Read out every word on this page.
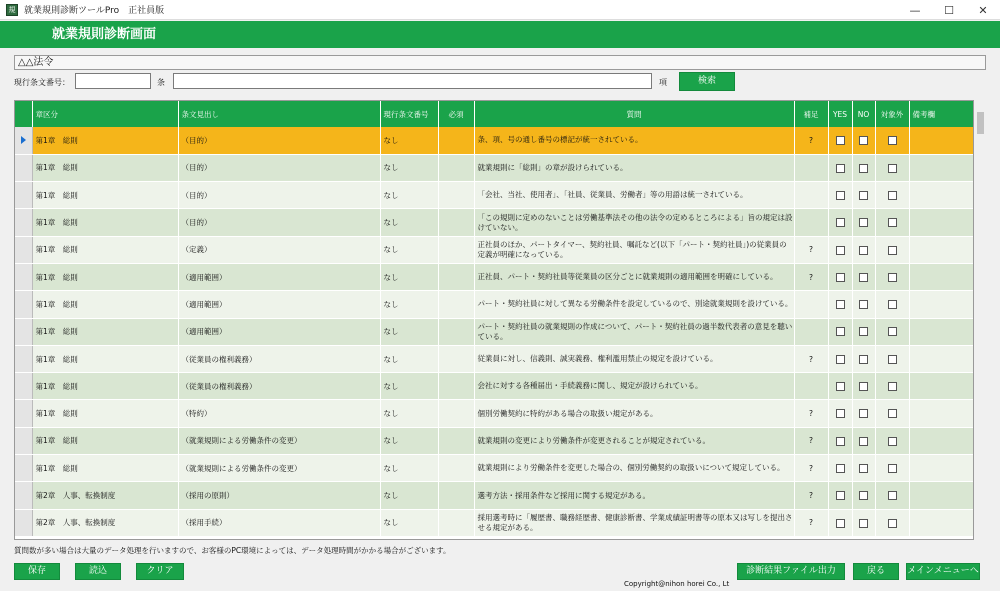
規 就業規則診断ツールPro　正社員版	—	☐	✕
就業規則診断画面
△△法令
現行条文番号：	条	項	検索
	章区分	条文見出し	現行条文番号	必須	質問	補足	YES	NO	対象外	備考欄

	第1章　総則	（目的）	なし		条、項、号の通し番号の標記が統一されている。	?				
	第1章　総則	（目的）	なし		就業規則に「総則」の章が設けられている。					
	第1章　総則	（目的）	なし		「会社、当社、使用者」、「社員、従業員、労働者」等の用語は統一されている。					
	第1章　総則	（目的）	なし		「この規則に定めのないことは労働基準法その他の法令の定めるところによる」旨の規定は設けていない。					
	第1章　総則	（定義）	なし		正社員のほか、パートタイマー、契約社員、嘱託など(以下「パート・契約社員」)の従業員の定義が明確になっている。	?				
	第1章　総則	（適用範囲）	なし		正社員、パート・契約社員等従業員の区分ごとに就業規則の適用範囲を明確にしている。	?				
	第1章　総則	（適用範囲）	なし		パート・契約社員に対して異なる労働条件を設定しているので、別途就業規則を設けている。					
	第1章　総則	（適用範囲）	なし		パート・契約社員の就業規則の作成について、パート・契約社員の過半数代表者の意見を聴いている。					
	第1章　総則	（従業員の権利義務）	なし		従業員に対し、信義則、誠実義務、権利濫用禁止の規定を設けている。	?				
	第1章　総則	（従業員の権利義務）	なし		会社に対する各種届出・手続義務に関し、規定が設けられている。					
	第1章　総則	（特約）	なし		個別労働契約に特約がある場合の取扱い規定がある。	?				
	第1章　総則	（就業規則による労働条件の変更）	なし		就業規則の変更により労働条件が変更されることが規定されている。	?				
	第1章　総則	（就業規則による労働条件の変更）	なし		就業規則により労働条件を変更した場合の、個別労働契約の取扱いについて規定している。	?				
	第2章　人事、転換制度	（採用の原則）	なし		選考方法・採用条件など採用に関する規定がある。	?				
	第2章　人事、転換制度	（採用手続）	なし		採用選考時に「履歴書、職務経歴書、健康診断書、学業成績証明書等の原本又は写しを提出させる規定がある。	?				
質問数が多い場合は大量のデータ処理を行いますので、お客様のPC環境によっては、データ処理時間がかかる場合がございます。
保存	読込	クリア	診断結果ファイル出力	戻る	メインメニューへ
Copyright@nihon horei Co., Lt
